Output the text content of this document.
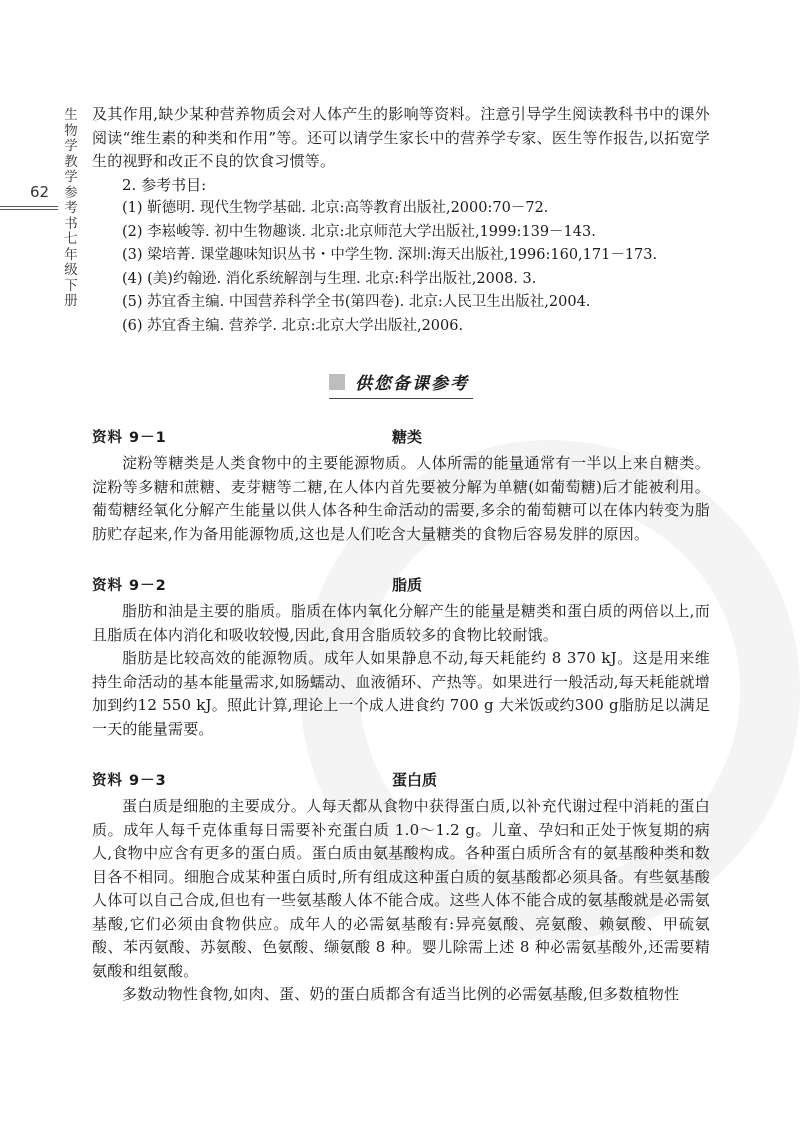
生物学教学参考书七年级下册
62

及其作用,缺少某种营养物质会对人体产生的影响等资料。注意引导学生阅读教科书中的课外阅读“维生素的种类和作用”等。还可以请学生家长中的营养学专家、医生等作报告,以拓宽学生的视野和改正不良的饮食习惯等。

2. 参考书目:

(1) 靳德明. 现代生物学基础. 北京:高等教育出版社,2000:70－72.
(2) 李崧峻等. 初中生物趣谈. 北京:北京师范大学出版社,1999:139－143.
(3) 梁培菁. 课堂趣味知识丛书・中学生物. 深圳:海天出版社,1996:160,171－173.
(4) (美)约翰逊. 消化系统解剖与生理. 北京:科学出版社,2008. 3.
(5) 苏宜香主编. 中国营养科学全书(第四卷). 北京:人民卫生出版社,2004.
(6) 苏宜香主编. 营养学. 北京:北京大学出版社,2006.
供您备课参考
资料 9－1	糖类

淀粉等糖类是人类食物中的主要能源物质。人体所需的能量通常有一半以上来自糖类。淀粉等多糖和蔗糖、麦芽糖等二糖,在人体内首先要被分解为单糖(如葡萄糖)后才能被利用。葡萄糖经氧化分解产生能量以供人体各种生命活动的需要,多余的葡萄糖可以在体内转变为脂肪贮存起来,作为备用能源物质,这也是人们吃含大量糖类的食物后容易发胖的原因。

资料 9－2	脂质

脂肪和油是主要的脂质。脂质在体内氧化分解产生的能量是糖类和蛋白质的两倍以上,而且脂质在体内消化和吸收较慢,因此,食用含脂质较多的食物比较耐饿。

脂肪是比较高效的能源物质。成年人如果静息不动,每天耗能约 8 370 kJ。这是用来维持生命活动的基本能量需求,如肠蠕动、血液循环、产热等。如果进行一般活动,每天耗能就增加到约12 550 kJ。照此计算,理论上一个成人进食约 700 g 大米饭或约300 g脂肪足以满足一天的能量需要。

资料 9－3	蛋白质

蛋白质是细胞的主要成分。人每天都从食物中获得蛋白质,以补充代谢过程中消耗的蛋白质。成年人每千克体重每日需要补充蛋白质 1.0～1.2 g。儿童、孕妇和正处于恢复期的病人,食物中应含有更多的蛋白质。蛋白质由氨基酸构成。各种蛋白质所含有的氨基酸种类和数目各不相同。细胞合成某种蛋白质时,所有组成这种蛋白质的氨基酸都必须具备。有些氨基酸人体可以自己合成,但也有一些氨基酸人体不能合成。这些人体不能合成的氨基酸就是必需氨基酸,它们必须由食物供应。成年人的必需氨基酸有:异亮氨酸、亮氨酸、赖氨酸、甲硫氨酸、苯丙氨酸、苏氨酸、色氨酸、缬氨酸 8 种。婴儿除需上述 8 种必需氨基酸外,还需要精氨酸和组氨酸。

多数动物性食物,如肉、蛋、奶的蛋白质都含有适当比例的必需氨基酸,但多数植物性
